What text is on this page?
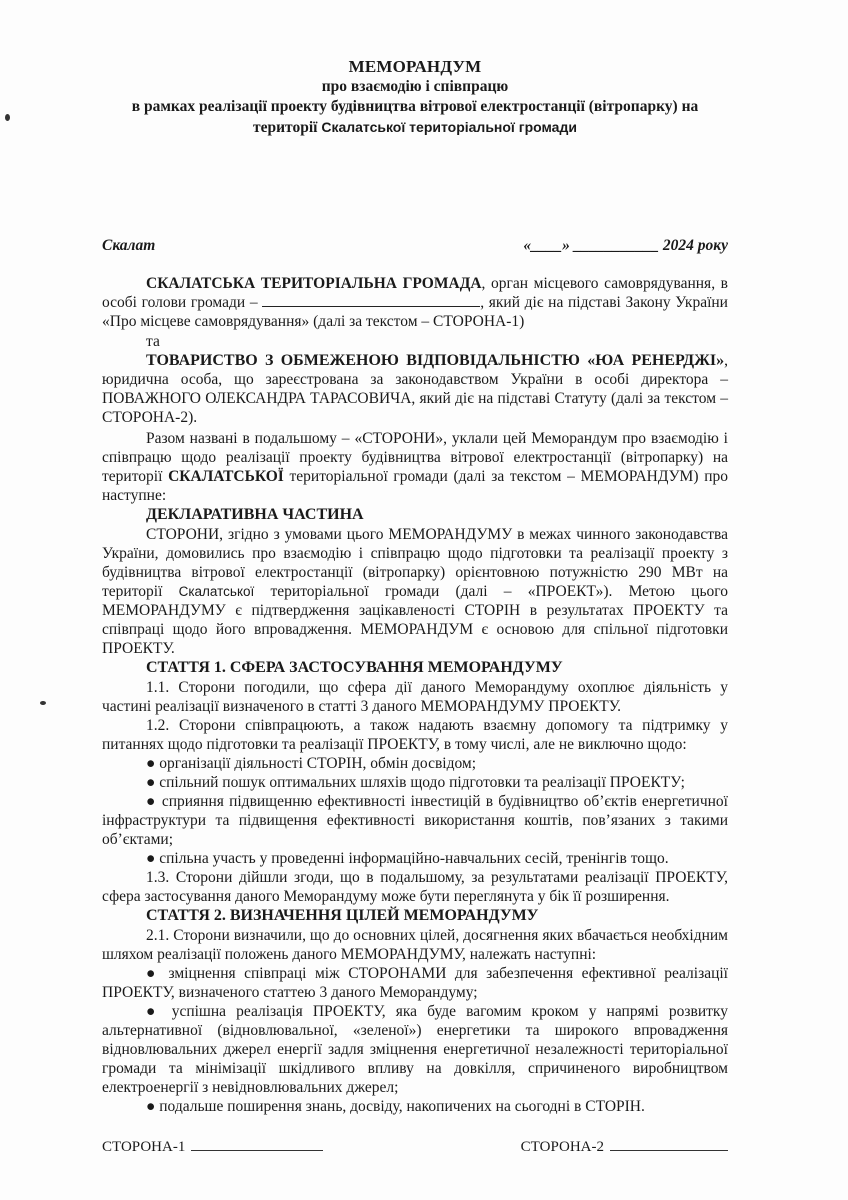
МЕМОРАНДУМ
про взаємодію і співпрацю
в рамках реалізації проекту будівництва вітрової електростанції (вітропарку) на
території Скалатської територіальної громади
Скалат	«____» ___________ 2024 року

СКАЛАТСЬКА ТЕРИТОРІАЛЬНА ГРОМАДА, орган місцевого самоврядування, в особі голови громади –	, який діє на підставі Закону України «Про місцеве самоврядування» (далі за текстом – СТОРОНА-1)

та

ТОВАРИСТВО З ОБМЕЖЕНОЮ ВІДПОВІДАЛЬНІСТЮ «ЮА РЕНЕРДЖІ», юридична особа, що зареєстрована за законодавством України в особі директора – ПОВАЖНОГО ОЛЕКСАНДРА ТАРАСОВИЧА, який діє на підставі Статуту (далі за текстом – СТОРОНА-2).

Разом названі в подальшому – «СТОРОНИ», уклали цей Меморандум про взаємодію і співпрацю щодо реалізації проекту будівництва вітрової електростанції (вітропарку) на території СКАЛАТСЬКОЇ територіальної громади (далі за текстом – МЕМОРАНДУМ) про наступне:

ДЕКЛАРАТИВНА ЧАСТИНА

СТОРОНИ, згідно з умовами цього МЕМОРАНДУМУ в межах чинного законодавства України, домовились про взаємодію і співпрацю щодо підготовки та реалізації проекту з будівництва вітрової електростанції (вітропарку) орієнтовною потужністю 290 МВт на території Скалатської територіальної громади (далі – «ПРОЕКТ»). Метою цього МЕМОРАНДУМУ є підтвердження зацікавленості СТОРІН в результатах ПРОЕКТУ та співпраці щодо його впровадження. МЕМОРАНДУМ є основою для спільної підготовки ПРОЕКТУ.

СТАТТЯ 1. СФЕРА ЗАСТОСУВАННЯ МЕМОРАНДУМУ

1.1. Сторони погодили, що сфера дії даного Меморандуму охоплює діяльність у частині реалізації визначеного в статті 3 даного МЕМОРАНДУМУ ПРОЕКТУ.

1.2. Сторони співпрацюють, а також надають взаємну допомогу та підтримку у питаннях щодо підготовки та реалізації ПРОЕКТУ, в тому числі, але не виключно щодо:

● організації діяльності СТОРІН, обмін досвідом;

● спільний пошук оптимальних шляхів щодо підготовки та реалізації ПРОЕКТУ;

● сприяння підвищенню ефективності інвестицій в будівництво об’єктів енергетичної інфраструктури та підвищення ефективності використання коштів, пов’язаних з такими об’єктами;

● спільна участь у проведенні інформаційно-навчальних сесій, тренінгів тощо.

1.3. Сторони дійшли згоди, що в подальшому, за результатами реалізації ПРОЕКТУ, сфера застосування даного Меморандуму може бути переглянута у бік її розширення.

СТАТТЯ 2. ВИЗНАЧЕННЯ ЦІЛЕЙ МЕМОРАНДУМУ

2.1. Сторони визначили, що до основних цілей, досягнення яких вбачається необхідним шляхом реалізації положень даного МЕМОРАНДУМУ, належать наступні:

● зміцнення співпраці між СТОРОНАМИ для забезпечення ефективної реалізації ПРОЕКТУ, визначеного статтею 3 даного Меморандуму;

● успішна реалізація ПРОЕКТУ, яка буде вагомим кроком у напрямі розвитку альтернативної (відновлювальної, «зеленої») енергетики та широкого впровадження відновлювальних джерел енергії задля зміцнення енергетичної незалежності територіальної громади та мінімізації шкідливого впливу на довкілля, спричиненого виробництвом електроенергії з невідновлювальних джерел;

● подальше поширення знань, досвіду, накопичених на сьогодні в СТОРІН.

СТОРОНА-1	СТОРОНА-2
